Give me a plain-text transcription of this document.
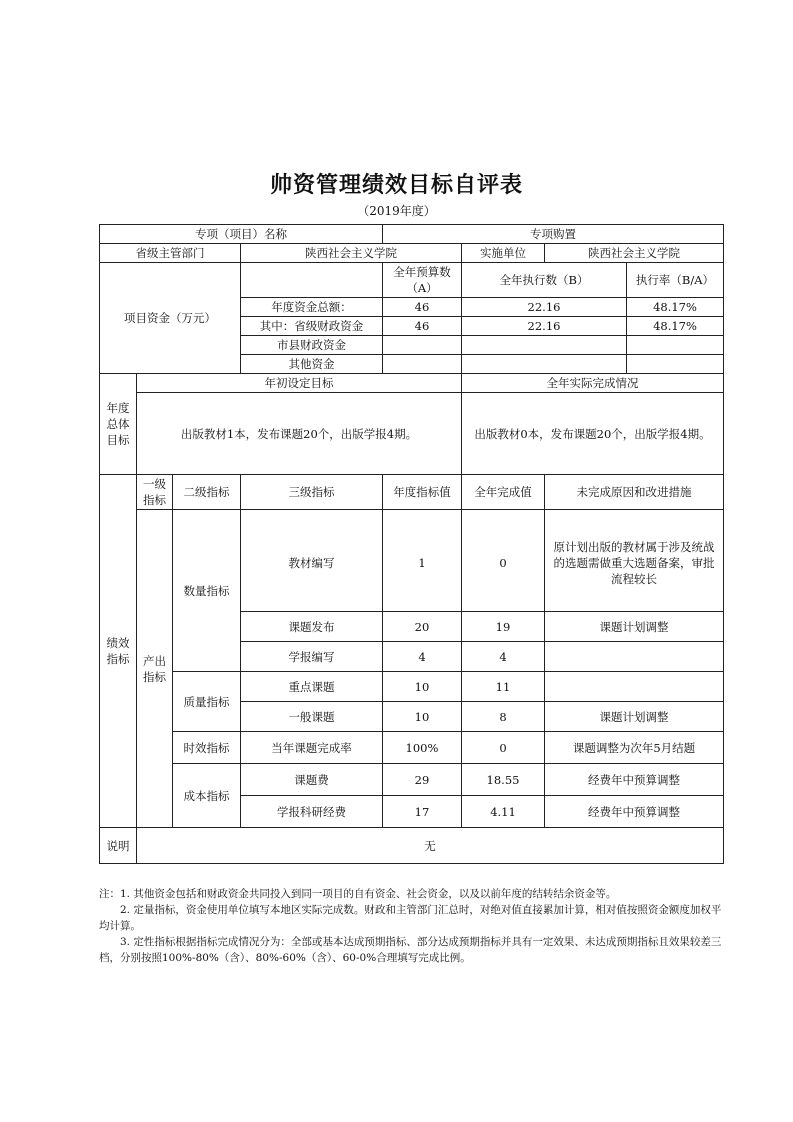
帅资管理绩效目标自评表
（2019年度）
专项（项目）名称				专项购置			
省级主管部门			陕西社会主义学院		实施单位	陕西社会主义学院	
项目资金（万元）				全年预算数（A）	全年执行数（B）		执行率（B/A）
			年度资金总额：	46	22.16		48.17%
			其中：省级财政资金	46	22.16		48.17%
			市县财政资金				
			其他资金				
年度总体目标	年初设定目标				全年实际完成情况		
	出版教材1本，发布课题20个，出版学报4期。				出版教材0本，发布课题20个，出版学报4期。		
绩效指标	一级指标	二级指标	三级指标	年度指标值	全年完成值	未完成原因和改进措施	
	产出指标	数量指标					
			教材编写	1	0	原计划出版的教材属于涉及统战的选题需做重大选题备案，审批流程较长	
			课题发布	20	19	课题计划调整	
			学报编写	4	4		
		质量指标	重点课题	10	11		
			一般课题	10	8	课题计划调整	
		时效指标	当年课题完成率	100%	0	课题调整为次年5月结题	
		成本指标	课题费	29	18.55	经费年中预算调整	
			学报科研经费	17	4.11	经费年中预算调整	
说明	无						

注：1. 其他资金包括和财政资金共同投入到同一项目的自有资金、社会资金，以及以前年度的结转结余资金等。

2. 定量指标，资金使用单位填写本地区实际完成数。财政和主管部门汇总时，对绝对值直接累加计算，相对值按照资金额度加权平均计算。

3. 定性指标根据指标完成情况分为：全部或基本达成预期指标、部分达成预期指标并具有一定效果、未达成预期指标且效果较差三档，分别按照100%-80%（含）、80%-60%（含）、60-0%合理填写完成比例。
